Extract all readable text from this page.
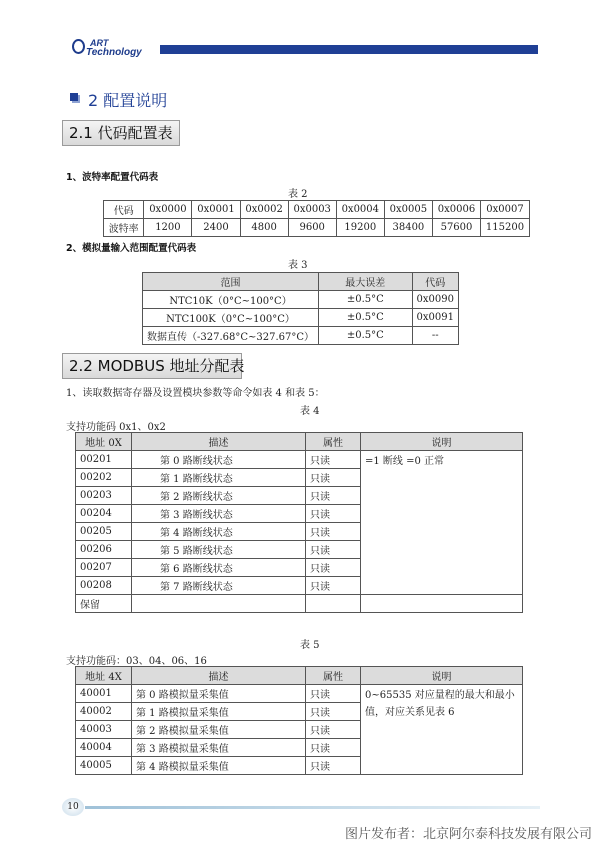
ART
Technology
2 配置说明
2.1 代码配置表
1、波特率配置代码表
表 2
代码	0x0000	0x0001	0x0002	0x0003	0x0004	0x0005	0x0006	0x0007
波特率	1200	2400	4800	9600	19200	38400	57600	115200
2、模拟量输入范围配置代码表
表 3
范围	最大误差	代码
NTC10K（0°C~100°C）	±0.5°C	0x0090
NTC100K（0°C~100°C）	±0.5°C	0x0091
数据直传（-327.68°C~327.67°C）	±0.5°C	--
2.2 MODBUS 地址分配表
1、读取数据寄存器及设置模块参数等命令如表 4 和表 5：
表 4
支持功能码 0x1、0x2
地址 0X	描述	属性	说明
00201	第 0 路断线状态	只读	=1 断线 =0 正常
00202	第 1 路断线状态	只读	
00203	第 2 路断线状态	只读	
00204	第 3 路断线状态	只读	
00205	第 4 路断线状态	只读	
00206	第 5 路断线状态	只读	
00207	第 6 路断线状态	只读	
00208	第 7 路断线状态	只读	
保留			
表 5
支持功能码：03、04、06、16
地址 4X	描述	属性	说明
40001	第 0 路模拟量采集值	只读	0~65535 对应量程的最大和最小值，对应关系见表 6
40002	第 1 路模拟量采集值	只读	
40003	第 2 路模拟量采集值	只读	
40004	第 3 路模拟量采集值	只读	
40005	第 4 路模拟量采集值	只读	
10
图片发布者：北京阿尔泰科技发展有限公司
